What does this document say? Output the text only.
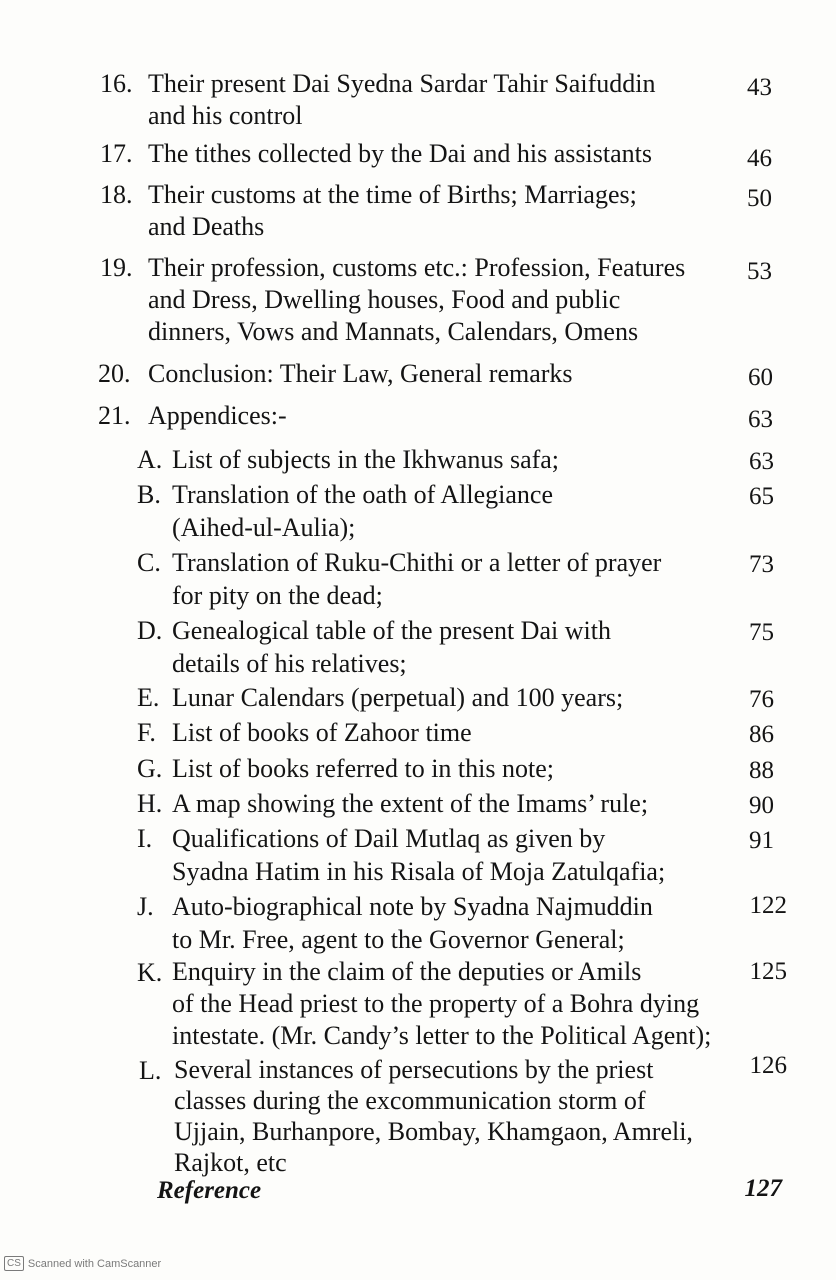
16. Their present Dai Syedna Sardar Tahir Saifuddin
and his control
43
17. The tithes collected by the Dai and his assistants	46
18. Their customs at the time of Births; Marriages;
and Deaths
50
19. Their profession, customs etc.: Profession, Features
and Dress, Dwelling houses, Food and public
dinners, Vows and Mannats, Calendars, Omens
53
20. Conclusion: Their Law, General remarks	60
21. Appendices:-	63
A. List of subjects in the Ikhwanus safa;	63
B. Translation of the oath of Allegiance
(Aihed-ul-Aulia);
65
C. Translation of Ruku-Chithi or a letter of prayer
for pity on the dead;
73
D. Genealogical table of the present Dai with
details of his relatives;
75
E. Lunar Calendars (perpetual) and 100 years;	76
F. List of books of Zahoor time	86
G. List of books referred to in this note;	88
H. A map showing the extent of the Imams’ rule;	90
I. Qualifications of Dail Mutlaq as given by
Syadna Hatim in his Risala of Moja Zatulqafia;
91
J. Auto-biographical note by Syadna Najmuddin
to Mr. Free, agent to the Governor General;
122
K. Enquiry in the claim of the deputies or Amils
of the Head priest to the property of a Bohra dying
intestate. (Mr. Candy’s letter to the Political Agent);
125
L. Several instances of persecutions by the priest
classes during the excommunication storm of
Ujjain, Burhanpore, Bombay, Khamgaon, Amreli,
Rajkot, etc
126
Reference	127
CS Scanned with CamScanner
